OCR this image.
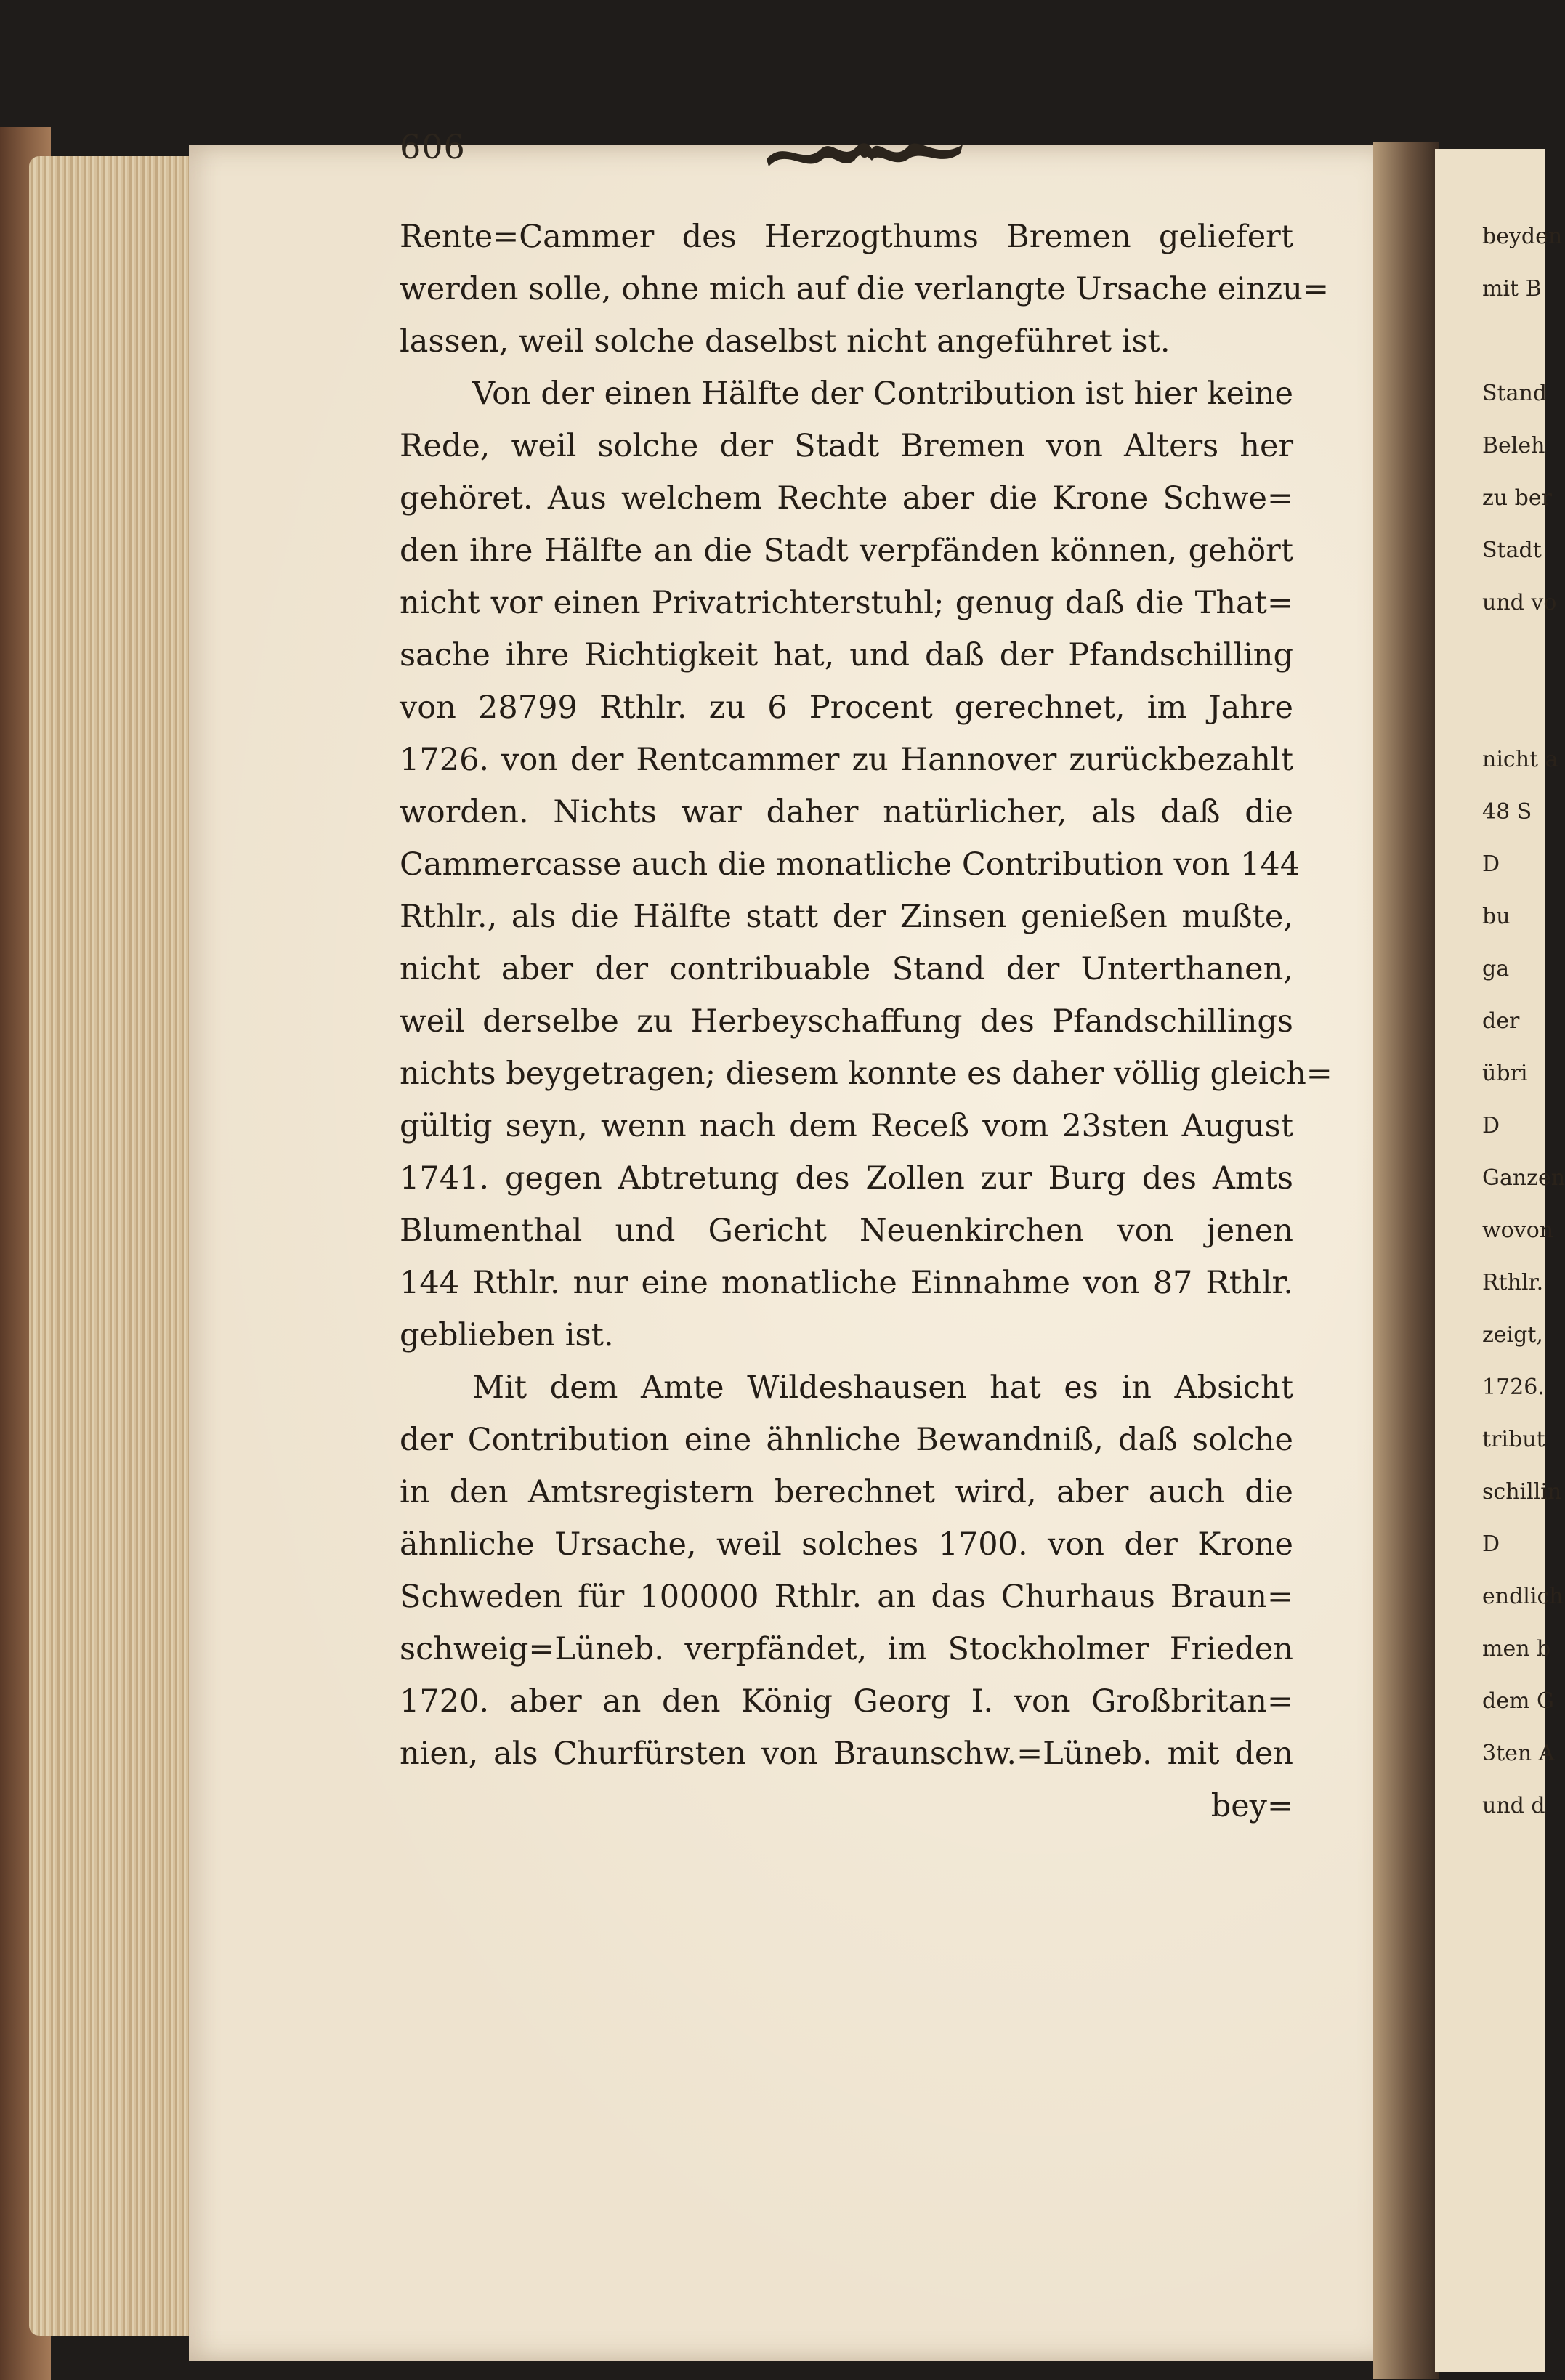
606
Rente=Cammer des Herzogthums Bremen geliefert
werden solle, ohne mich auf die verlangte Ursache einzu=
lassen, weil solche daselbst nicht angeführet ist.
Von der einen Hälfte der Contribution ist hier keine
Rede, weil solche der Stadt Bremen von Alters her
gehöret. Aus welchem Rechte aber die Krone Schwe=
den ihre Hälfte an die Stadt verpfänden können, gehört
nicht vor einen Privatrichterstuhl; genug daß die That=
sache ihre Richtigkeit hat, und daß der Pfandschilling
von 28799 Rthlr. zu 6 Procent gerechnet, im Jahre
1726. von der Rentcammer zu Hannover zurückbezahlt
worden. Nichts war daher natürlicher, als daß die
Cammercasse auch die monatliche Contribution von 144
Rthlr., als die Hälfte statt der Zinsen genießen mußte,
nicht aber der contribuable Stand der Unterthanen,
weil derselbe zu Herbeyschaffung des Pfandschillings
nichts beygetragen; diesem konnte es daher völlig gleich=
gültig seyn, wenn nach dem Receß vom 23sten August
1741. gegen Abtretung des Zollen zur Burg des Amts
Blumenthal und Gericht Neuenkirchen von jenen
144 Rthlr. nur eine monatliche Einnahme von 87 Rthlr.
geblieben ist.
Mit dem Amte Wildeshausen hat es in Absicht
der Contribution eine ähnliche Bewandniß, daß solche
in den Amtsregistern berechnet wird, aber auch die
ähnliche Ursache, weil solches 1700. von der Krone
Schweden für 100000 Rthlr. an das Churhaus Braun=
schweig=Lüneb. verpfändet, im Stockholmer Frieden
1720. aber an den König Georg I. von Großbritan=
nien, als Churfürsten von Braunschw.=Lüneb. mit den
bey=
beyden
mit B
Stand
Beleh
zu ber
Stadt
und vo
nicht a
48 S
D
bu
ga
der
übri
D
Ganzen
wovon
Rthlr.
zeigt,
1726.
tribut
schillin
D
endlich
men b
dem G
3ten A
und d
